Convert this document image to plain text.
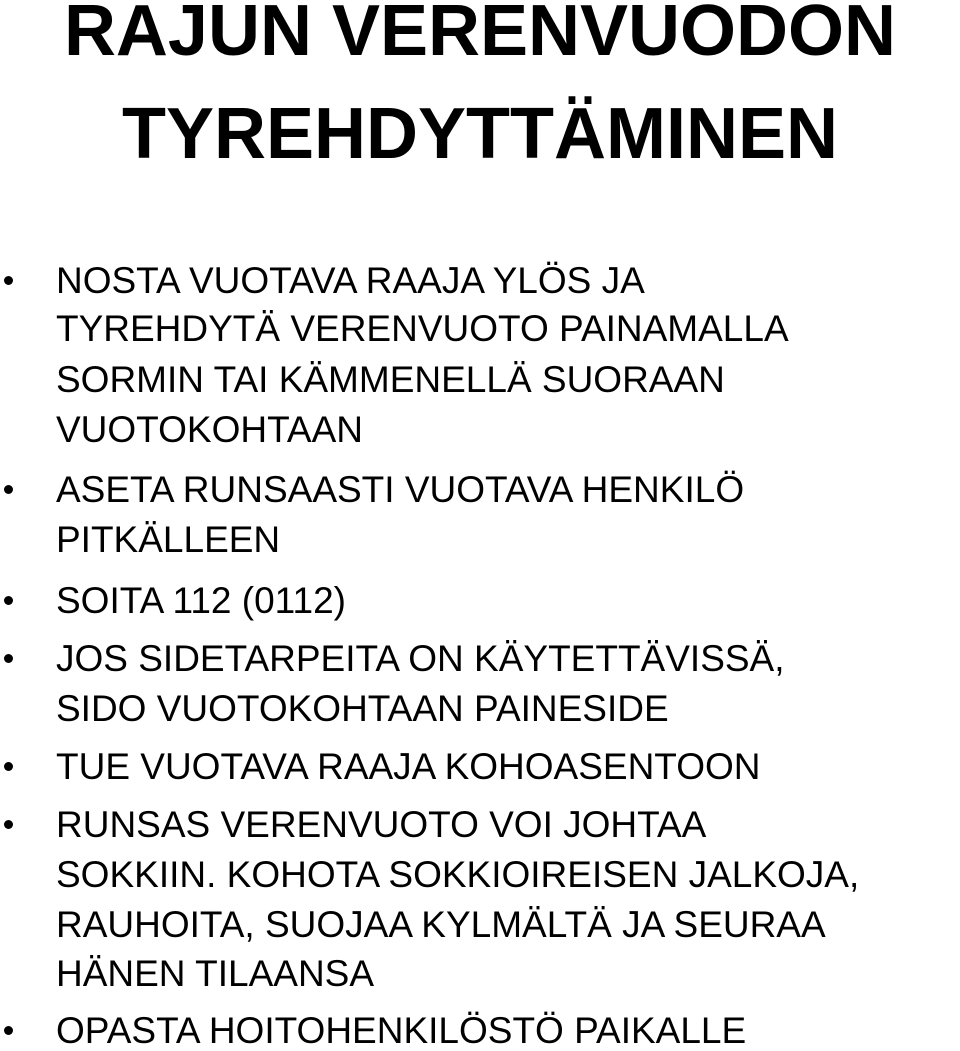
RAJUN VERENVUODON
TYREHDYTTÄMINEN
NOSTA VUOTAVA RAAJA YLÖS JA
TYREHDYTÄ VERENVUOTO PAINAMALLA
SORMIN TAI KÄMMENELLÄ SUORAAN
VUOTOKOHTAAN
ASETA RUNSAASTI VUOTAVA HENKILÖ
PITKÄLLEEN
SOITA 112 (0112)
JOS SIDETARPEITA ON KÄYTETTÄVISSÄ,
SIDO VUOTOKOHTAAN PAINESIDE
TUE VUOTAVA RAAJA KOHOASENTOON
RUNSAS VERENVUOTO VOI JOHTAA
SOKKIIN. KOHOTA SOKKIOIREISEN JALKOJA,
RAUHOITA, SUOJAA KYLMÄLTÄ JA SEURAA
HÄNEN TILAANSA
OPASTA HOITOHENKILÖSTÖ PAIKALLE
